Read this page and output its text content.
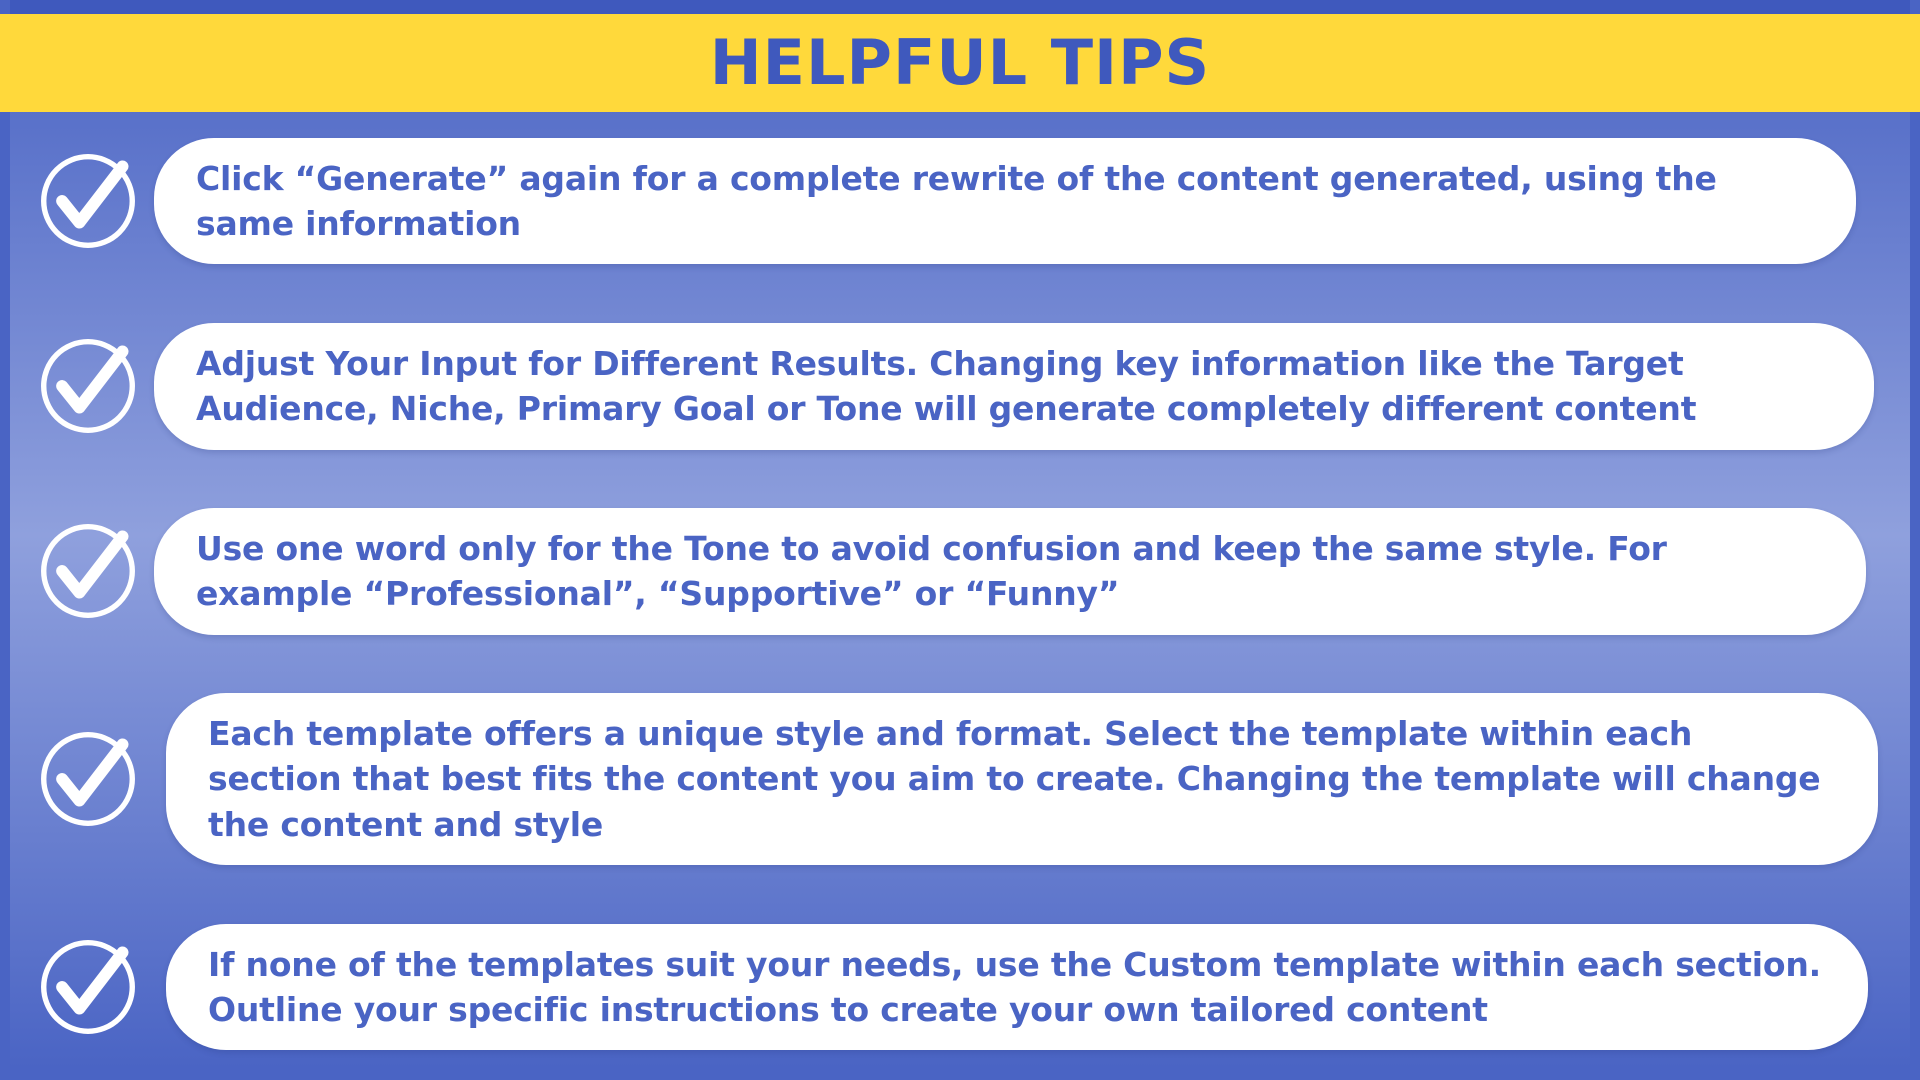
HELPFUL TIPS
Click “Generate” again for a complete rewrite of the content generated, using the same information
Adjust Your Input for Different Results. Changing key information like the Target Audience, Niche, Primary Goal or Tone will generate completely different content
Use one word only for the Tone to avoid confusion and keep the same style. For example “Professional”, “Supportive” or “Funny”
Each template offers a unique style and format. Select the template within each section that best fits the content you aim to create. Changing the template will change the content and style
If none of the templates suit your needs, use the Custom template within each section. Outline your specific instructions to create your own tailored content
